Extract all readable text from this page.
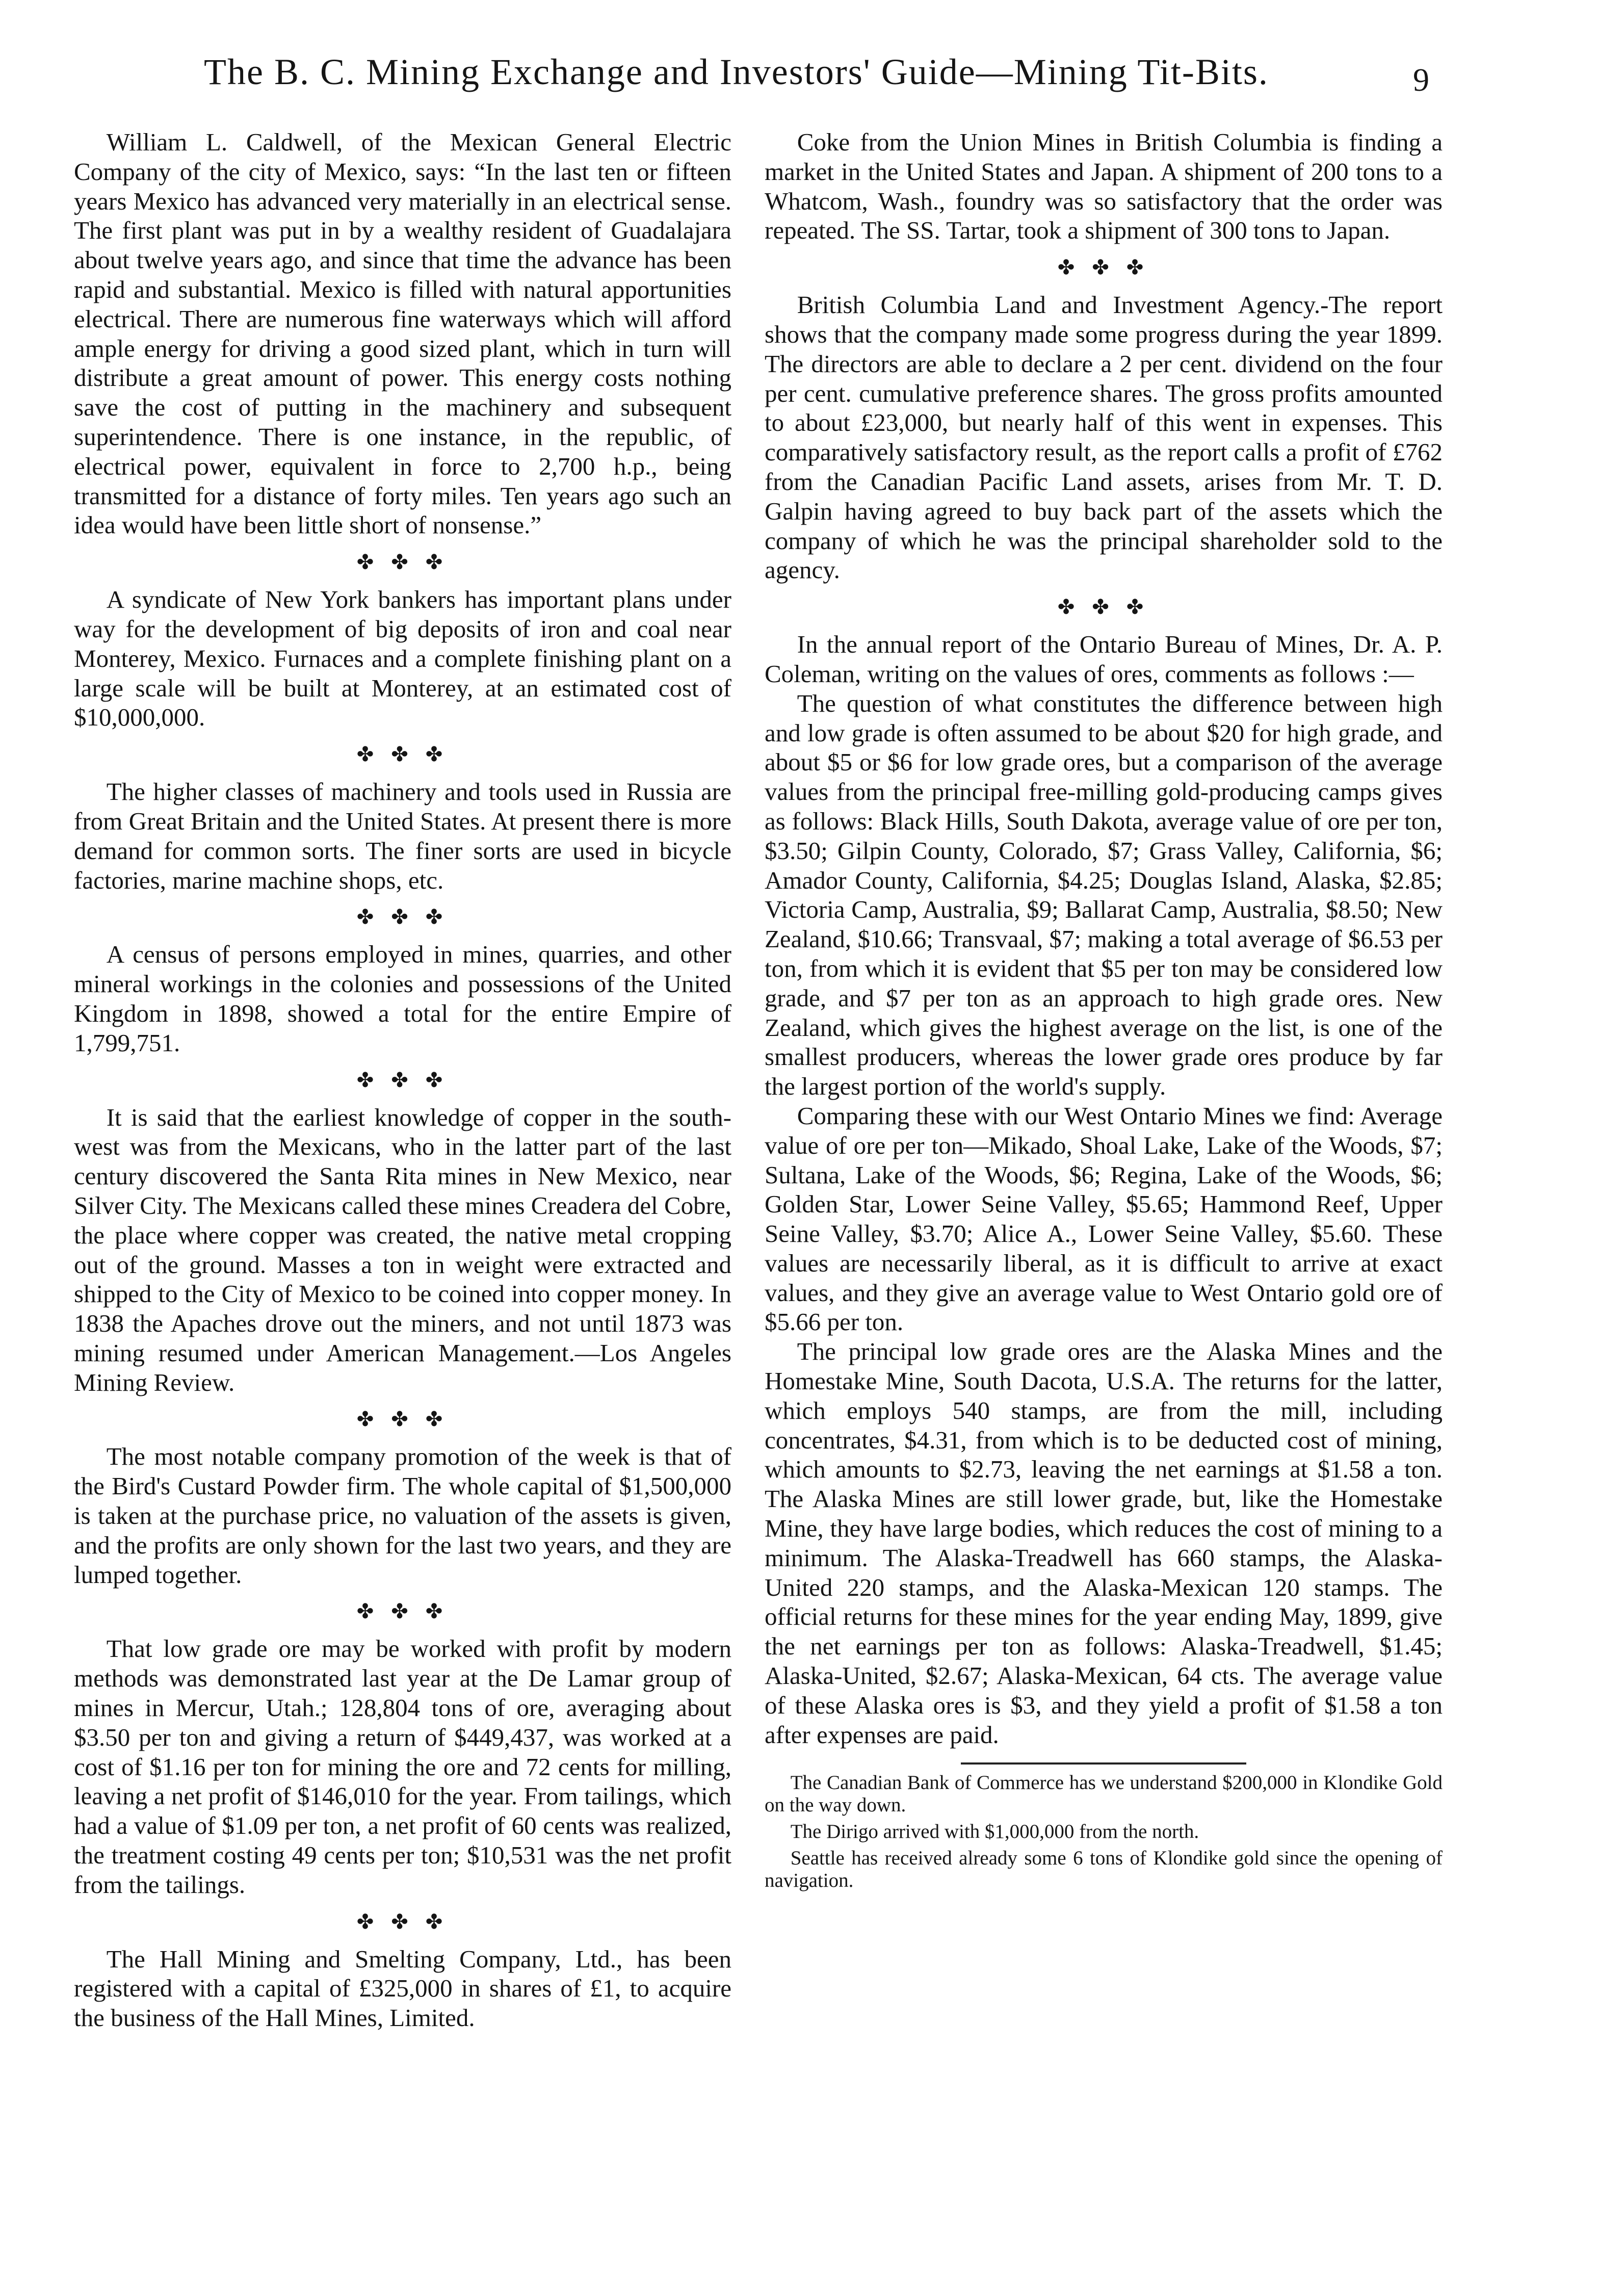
The B. C. Mining Exchange and Investors' Guide—Mining Tit-Bits.	9

William L. Caldwell, of the Mexican General Electric Company of the city of Mexico, says: “In the last ten or fifteen years Mexico has advanced very materially in an electrical sense. The first plant was put in by a wealthy resident of Guadalajara about twelve years ago, and since that time the advance has been rapid and substantial. Mexico is filled with natural apportunities electrical. There are numerous fine waterways which will afford ample energy for driving a good sized plant, which in turn will distribute a great amount of power. This energy costs nothing save the cost of putting in the machinery and subsequent superintendence. There is one instance, in the republic, of electrical power, equivalent in force to 2,700 h.p., being transmitted for a distance of forty miles. Ten years ago such an idea would have been little short of nonsense.”

✤ ✤ ✤

A syndicate of New York bankers has important plans under way for the development of big deposits of iron and coal near Monterey, Mexico. Furnaces and a complete finishing plant on a large scale will be built at Monterey, at an estimated cost of $10,000,000.

✤ ✤ ✤

The higher classes of machinery and tools used in Russia are from Great Britain and the United States. At present there is more demand for common sorts. The finer sorts are used in bicycle factories, marine machine shops, etc.

✤ ✤ ✤

A census of persons employed in mines, quarries, and other mineral workings in the colonies and possessions of the United Kingdom in 1898, showed a total for the entire Empire of 1,799,751.

✤ ✤ ✤

It is said that the earliest knowledge of copper in the south-west was from the Mexicans, who in the latter part of the last century discovered the Santa Rita mines in New Mexico, near Silver City. The Mexicans called these mines Creadera del Cobre, the place where copper was created, the native metal cropping out of the ground. Masses a ton in weight were extracted and shipped to the City of Mexico to be coined into copper money. In 1838 the Apaches drove out the miners, and not until 1873 was mining resumed under American Management.—Los Angeles Mining Review.

✤ ✤ ✤

The most notable company promotion of the week is that of the Bird's Custard Powder firm. The whole capital of $1,500,000 is taken at the purchase price, no valuation of the assets is given, and the profits are only shown for the last two years, and they are lumped together.

✤ ✤ ✤

That low grade ore may be worked with profit by modern methods was demonstrated last year at the De Lamar group of mines in Mercur, Utah.; 128,804 tons of ore, averaging about $3.50 per ton and giving a return of $449,437, was worked at a cost of $1.16 per ton for mining the ore and 72 cents for milling, leaving a net profit of $146,010 for the year. From tailings, which had a value of $1.09 per ton, a net profit of 60 cents was realized, the treatment costing 49 cents per ton; $10,531 was the net profit from the tailings.

✤ ✤ ✤

The Hall Mining and Smelting Company, Ltd., has been registered with a capital of £325,000 in shares of £1, to acquire the business of the Hall Mines, Limited.

Coke from the Union Mines in British Columbia is finding a market in the United States and Japan. A shipment of 200 tons to a Whatcom, Wash., foundry was so satisfactory that the order was repeated. The SS. Tartar, took a shipment of 300 tons to Japan.

✤ ✤ ✤

British Columbia Land and Investment Agency.-The report shows that the company made some progress during the year 1899. The directors are able to declare a 2 per cent. dividend on the four per cent. cumulative preference shares. The gross profits amounted to about £23,000, but nearly half of this went in expenses. This comparatively satisfactory result, as the report calls a profit of £762 from the Canadian Pacific Land assets, arises from Mr. T. D. Galpin having agreed to buy back part of the assets which the company of which he was the principal shareholder sold to the agency.

✤ ✤ ✤

In the annual report of the Ontario Bureau of Mines, Dr. A. P. Coleman, writing on the values of ores, comments as follows :—

The question of what constitutes the difference between high and low grade is often assumed to be about $20 for high grade, and about $5 or $6 for low grade ores, but a comparison of the average values from the principal free-milling gold-producing camps gives as follows: Black Hills, South Dakota, average value of ore per ton, $3.50; Gilpin County, Colorado, $7; Grass Valley, California, $6; Amador County, California, $4.25; Douglas Island, Alaska, $2.85; Victoria Camp, Australia, $9; Ballarat Camp, Australia, $8.50; New Zealand, $10.66; Transvaal, $7; making a total average of $6.53 per ton, from which it is evident that $5 per ton may be considered low grade, and $7 per ton as an approach to high grade ores. New Zealand, which gives the highest average on the list, is one of the smallest producers, whereas the lower grade ores produce by far the largest portion of the world's supply.

Comparing these with our West Ontario Mines we find: Average value of ore per ton—Mikado, Shoal Lake, Lake of the Woods, $7; Sultana, Lake of the Woods, $6; Regina, Lake of the Woods, $6; Golden Star, Lower Seine Valley, $5.65; Hammond Reef, Upper Seine Valley, $3.70; Alice A., Lower Seine Valley, $5.60. These values are necessarily liberal, as it is difficult to arrive at exact values, and they give an average value to West Ontario gold ore of $5.66 per ton.

The principal low grade ores are the Alaska Mines and the Homestake Mine, South Dacota, U.S.A. The returns for the latter, which employs 540 stamps, are from the mill, including concentrates, $4.31, from which is to be deducted cost of mining, which amounts to $2.73, leaving the net earnings at $1.58 a ton. The Alaska Mines are still lower grade, but, like the Homestake Mine, they have large bodies, which reduces the cost of mining to a minimum. The Alaska-Treadwell has 660 stamps, the Alaska-United 220 stamps, and the Alaska-Mexican 120 stamps. The official returns for these mines for the year ending May, 1899, give the net earnings per ton as follows: Alaska-Treadwell, $1.45; Alaska-United, $2.67; Alaska-Mexican, 64 cts. The average value of these Alaska ores is $3, and they yield a profit of $1.58 a ton after expenses are paid.

The Canadian Bank of Commerce has we understand $200,000 in Klondike Gold on the way down.

The Dirigo arrived with $1,000,000 from the north.

Seattle has received already some 6 tons of Klondike gold since the opening of navigation.
